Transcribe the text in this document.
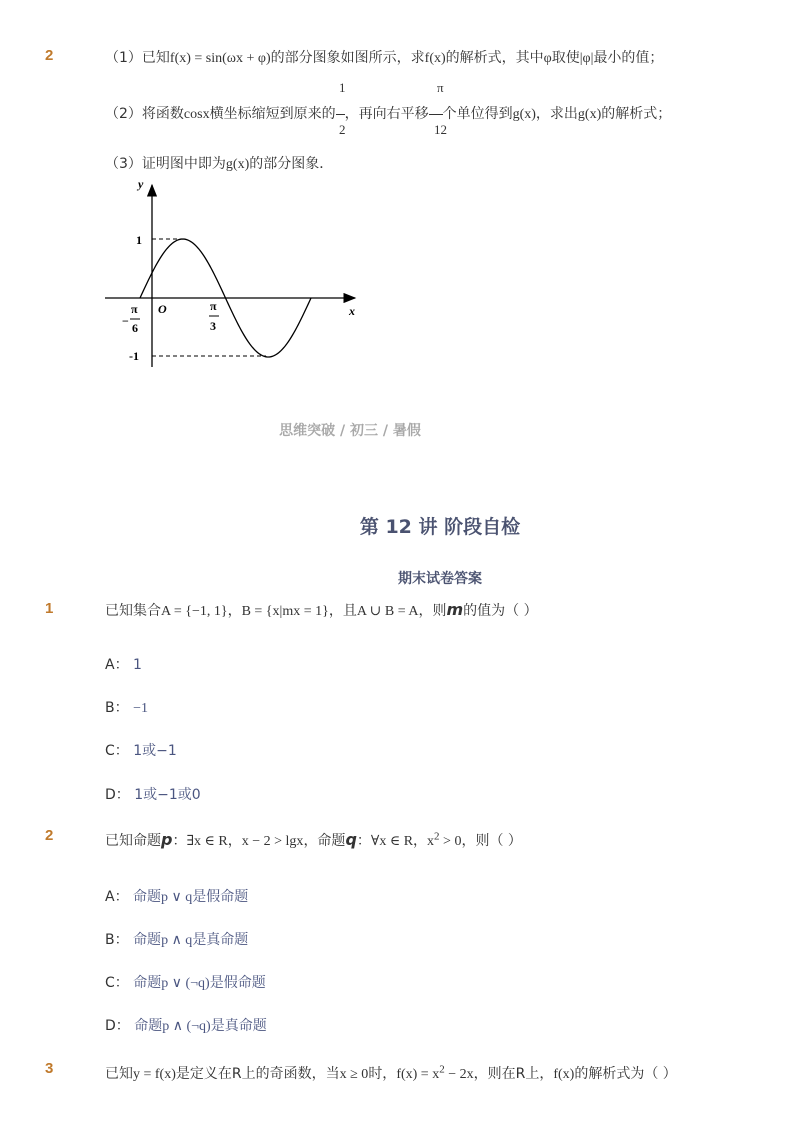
2	（1）已知f(x) = sin(ωx + φ)的部分图象如图所示，求f(x)的解析式，其中φ取使|φ|最小的值；
1	π
（2）将函数cosx横坐标缩短到原来的 ，再向右平移 个单位得到g(x)，求出g(x)的解析式；
2	12
（3）证明图中即为g(x)的部分图象．
y
x
O
1
-1
π
− 6
π
3
思维突破 / 初三 / 暑假
第 12 讲 阶段自检
期末试卷答案
1	已知集合A = {−1, 1}，B = {x|mx = 1}，且A ∪ B = A，则m的值为（ ）
A： 1
B： −1
C： 1或−1
D： 1或−1或0
2	已知命题p：∃x ∈ R，x − 2 > lgx，命题q：∀x ∈ R，$x^2 > 0$，则（ ）
A： 命题p ∨ q是假命题
B： 命题p ∧ q是真命题
C： 命题p ∨ (¬q)是假命题
D： 命题p ∧ (¬q)是真命题
3	已知y = f(x)是定义在R上的奇函数，当x ≥ 0时，$f(x) = x^2 - 2x$，则在R上，f(x)的解析式为（ ）
